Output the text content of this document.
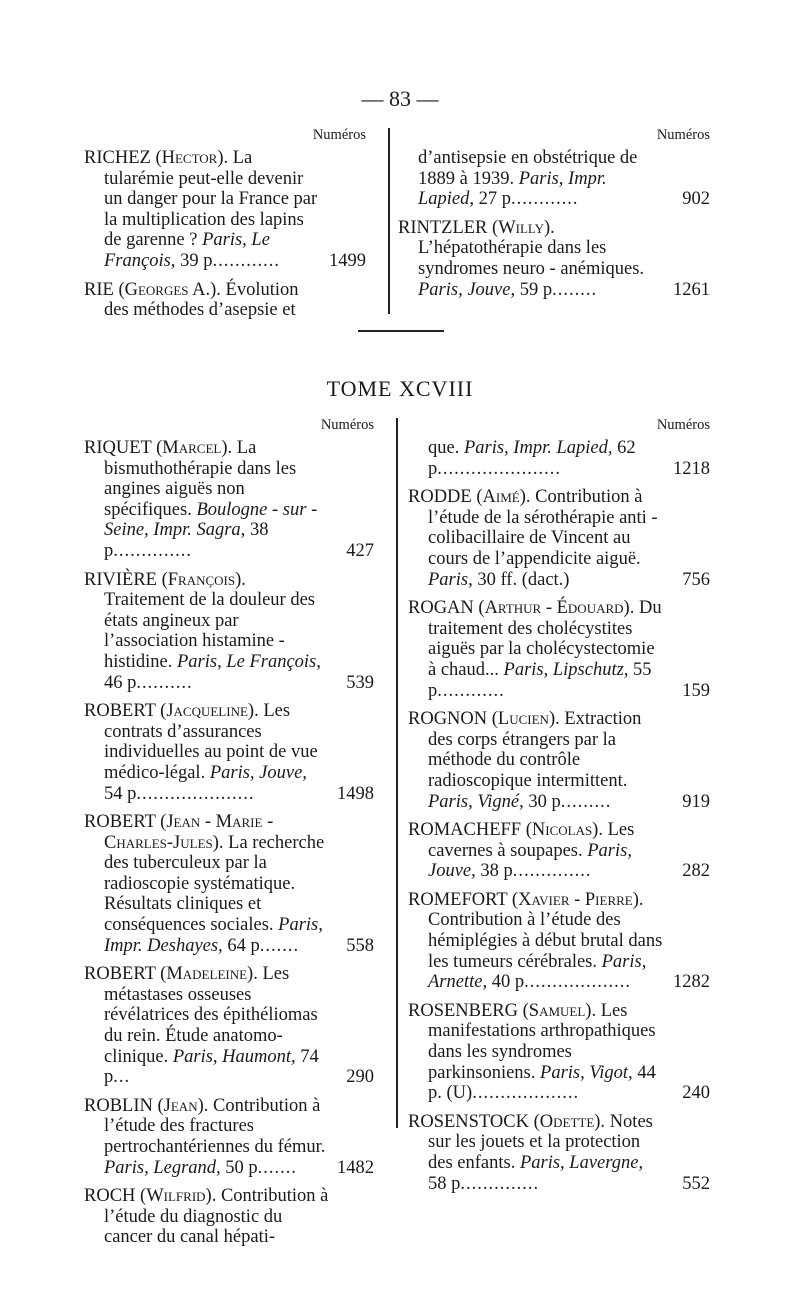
— 83 —
Numéros
RICHEZ (Hector). La tularémie peut-elle devenir un danger pour la France par la multiplication des lapins de garenne ? Paris, Le François, 39 p............	1499
RIE (Georges A.). Évolution des méthodes d’asepsie et
Numéros
d’antisepsie en obstétrique de 1889 à 1939. Paris, Impr. Lapied, 27 p............	902
RINTZLER (Willy). L’hépatothérapie dans les syndromes neuro - anémiques. Paris, Jouve, 59 p........	1261
TOME XCVIII
Numéros
RIQUET (Marcel). La bismuthothérapie dans les angines aiguës non spécifiques. Boulogne - sur - Seine, Impr. Sagra, 38 p..............	427
RIVIÈRE (François). Traitement de la douleur des états angineux par l’association histamine - histidine. Paris, Le François, 46 p..........	539
ROBERT (Jacqueline). Les contrats d’assurances individuelles au point de vue médico-légal. Paris, Jouve, 54 p.....................	1498
ROBERT (Jean - Marie - Charles-Jules). La recherche des tuberculeux par la radioscopie systématique. Résultats cliniques et conséquences sociales. Paris, Impr. Deshayes, 64 p.......	558
ROBERT (Madeleine). Les métastases osseuses révélatrices des épithéliomas du rein. Étude anatomo-clinique. Paris, Haumont, 74 p...	290
ROBLIN (Jean). Contribution à l’étude des fractures pertrochantériennes du fémur. Paris, Legrand, 50 p....... 1482
ROCH (Wilfrid). Contribution à l’étude du diagnostic du cancer du canal hépati-
Numéros
que. Paris, Impr. Lapied, 62 p......................	1218
RODDE (Aimé). Contribution à l’étude de la sérothérapie anti - colibacillaire de Vincent au cours de l’appendicite aiguë. Paris, 30 ff. (dact.)	756
ROGAN (Arthur - Édouard). Du traitement des cholécystites aiguës par la cholécystectomie à chaud... Paris, Lipschutz, 55 p............	159
ROGNON (Lucien). Extraction des corps étrangers par la méthode du contrôle radioscopique intermittent. Paris, Vigné, 30 p.........	919
ROMACHEFF (Nicolas). Les cavernes à soupapes. Paris, Jouve, 38 p..............	282
ROMEFORT (Xavier - Pierre). Contribution à l’étude des hémiplégies à début brutal dans les tumeurs cérébrales. Paris, Arnette, 40 p................... 1282
ROSENBERG (Samuel). Les manifestations arthropathiques dans les syndromes parkinsoniens. Paris, Vigot, 44 p. (U)...................	240
ROSENSTOCK (Odette). Notes sur les jouets et la protection des enfants. Paris, Lavergne, 58 p..............	552
